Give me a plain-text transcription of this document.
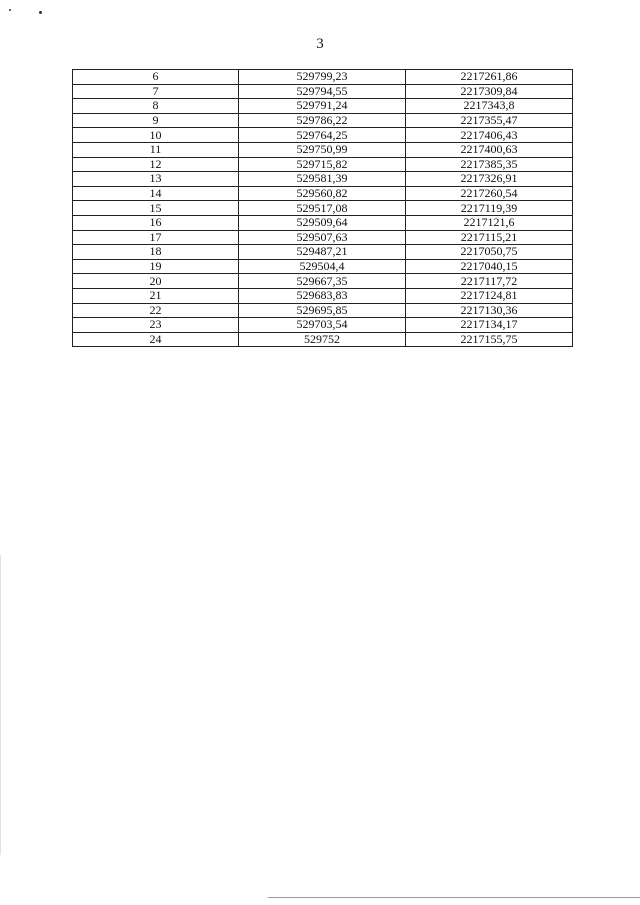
3
6	529799,23	2217261,86
7	529794,55	2217309,84
8	529791,24	2217343,8
9	529786,22	2217355,47
10	529764,25	2217406,43
11	529750,99	2217400,63
12	529715,82	2217385,35
13	529581,39	2217326,91
14	529560,82	2217260,54
15	529517,08	2217119,39
16	529509,64	2217121,6
17	529507,63	2217115,21
18	529487,21	2217050,75
19	529504,4	2217040,15
20	529667,35	2217117,72
21	529683,83	2217124,81
22	529695,85	2217130,36
23	529703,54	2217134,17
24	529752	2217155,75
